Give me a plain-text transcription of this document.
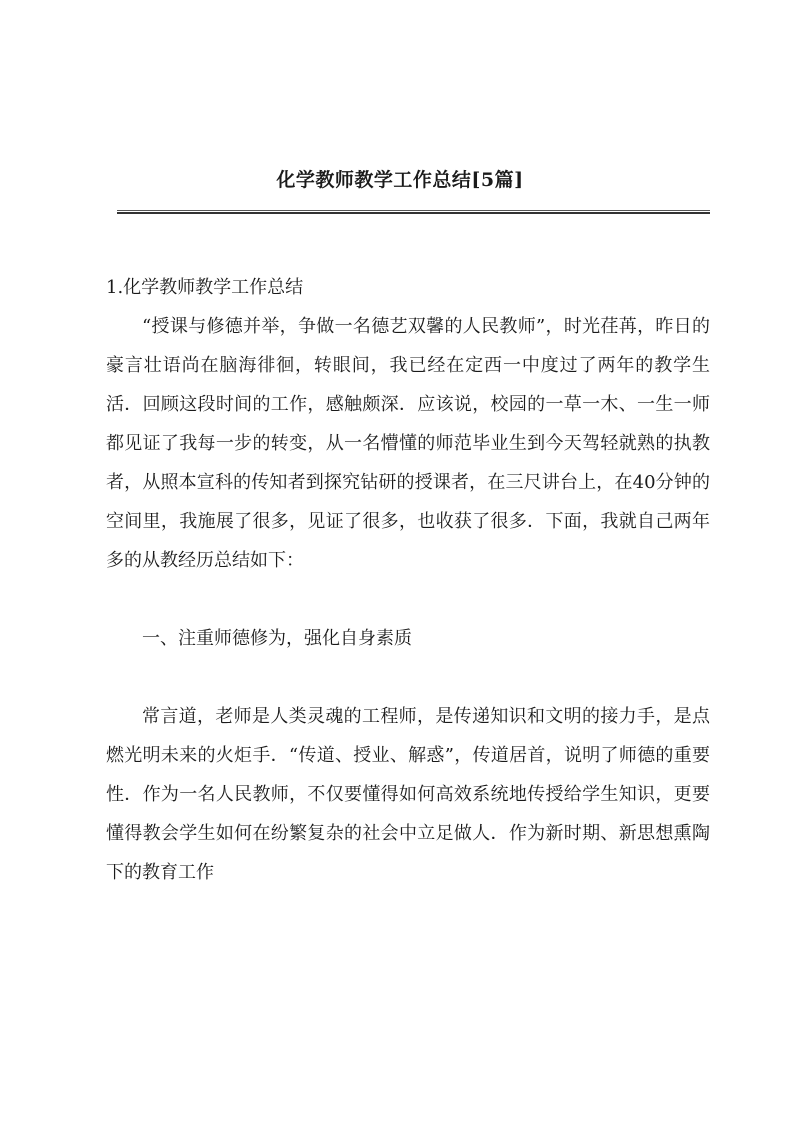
化学教师教学工作总结[5篇]

1.化学教师教学工作总结

“授课与修德并举，争做一名德艺双馨的人民教师”，时光荏苒，昨日的豪言壮语尚在脑海徘徊，转眼间，我已经在定西一中度过了两年的教学生活．回顾这段时间的工作，感触颇深．应该说，校园的一草一木、一生一师都见证了我每一步的转变，从一名懵懂的师范毕业生到今天驾轻就熟的执教者，从照本宣科的传知者到探究钻研的授课者，在三尺讲台上，在40分钟的空间里，我施展了很多，见证了很多，也收获了很多．下面，我就自己两年多的从教经历总结如下：

一、注重师德修为，强化自身素质

常言道，老师是人类灵魂的工程师，是传递知识和文明的接力手，是点燃光明未来的火炬手．“传道、授业、解惑”，传道居首，说明了师德的重要性．作为一名人民教师，不仅要懂得如何高效系统地传授给学生知识，更要懂得教会学生如何在纷繁复杂的社会中立足做人．作为新时期、新思想熏陶下的教育工作
